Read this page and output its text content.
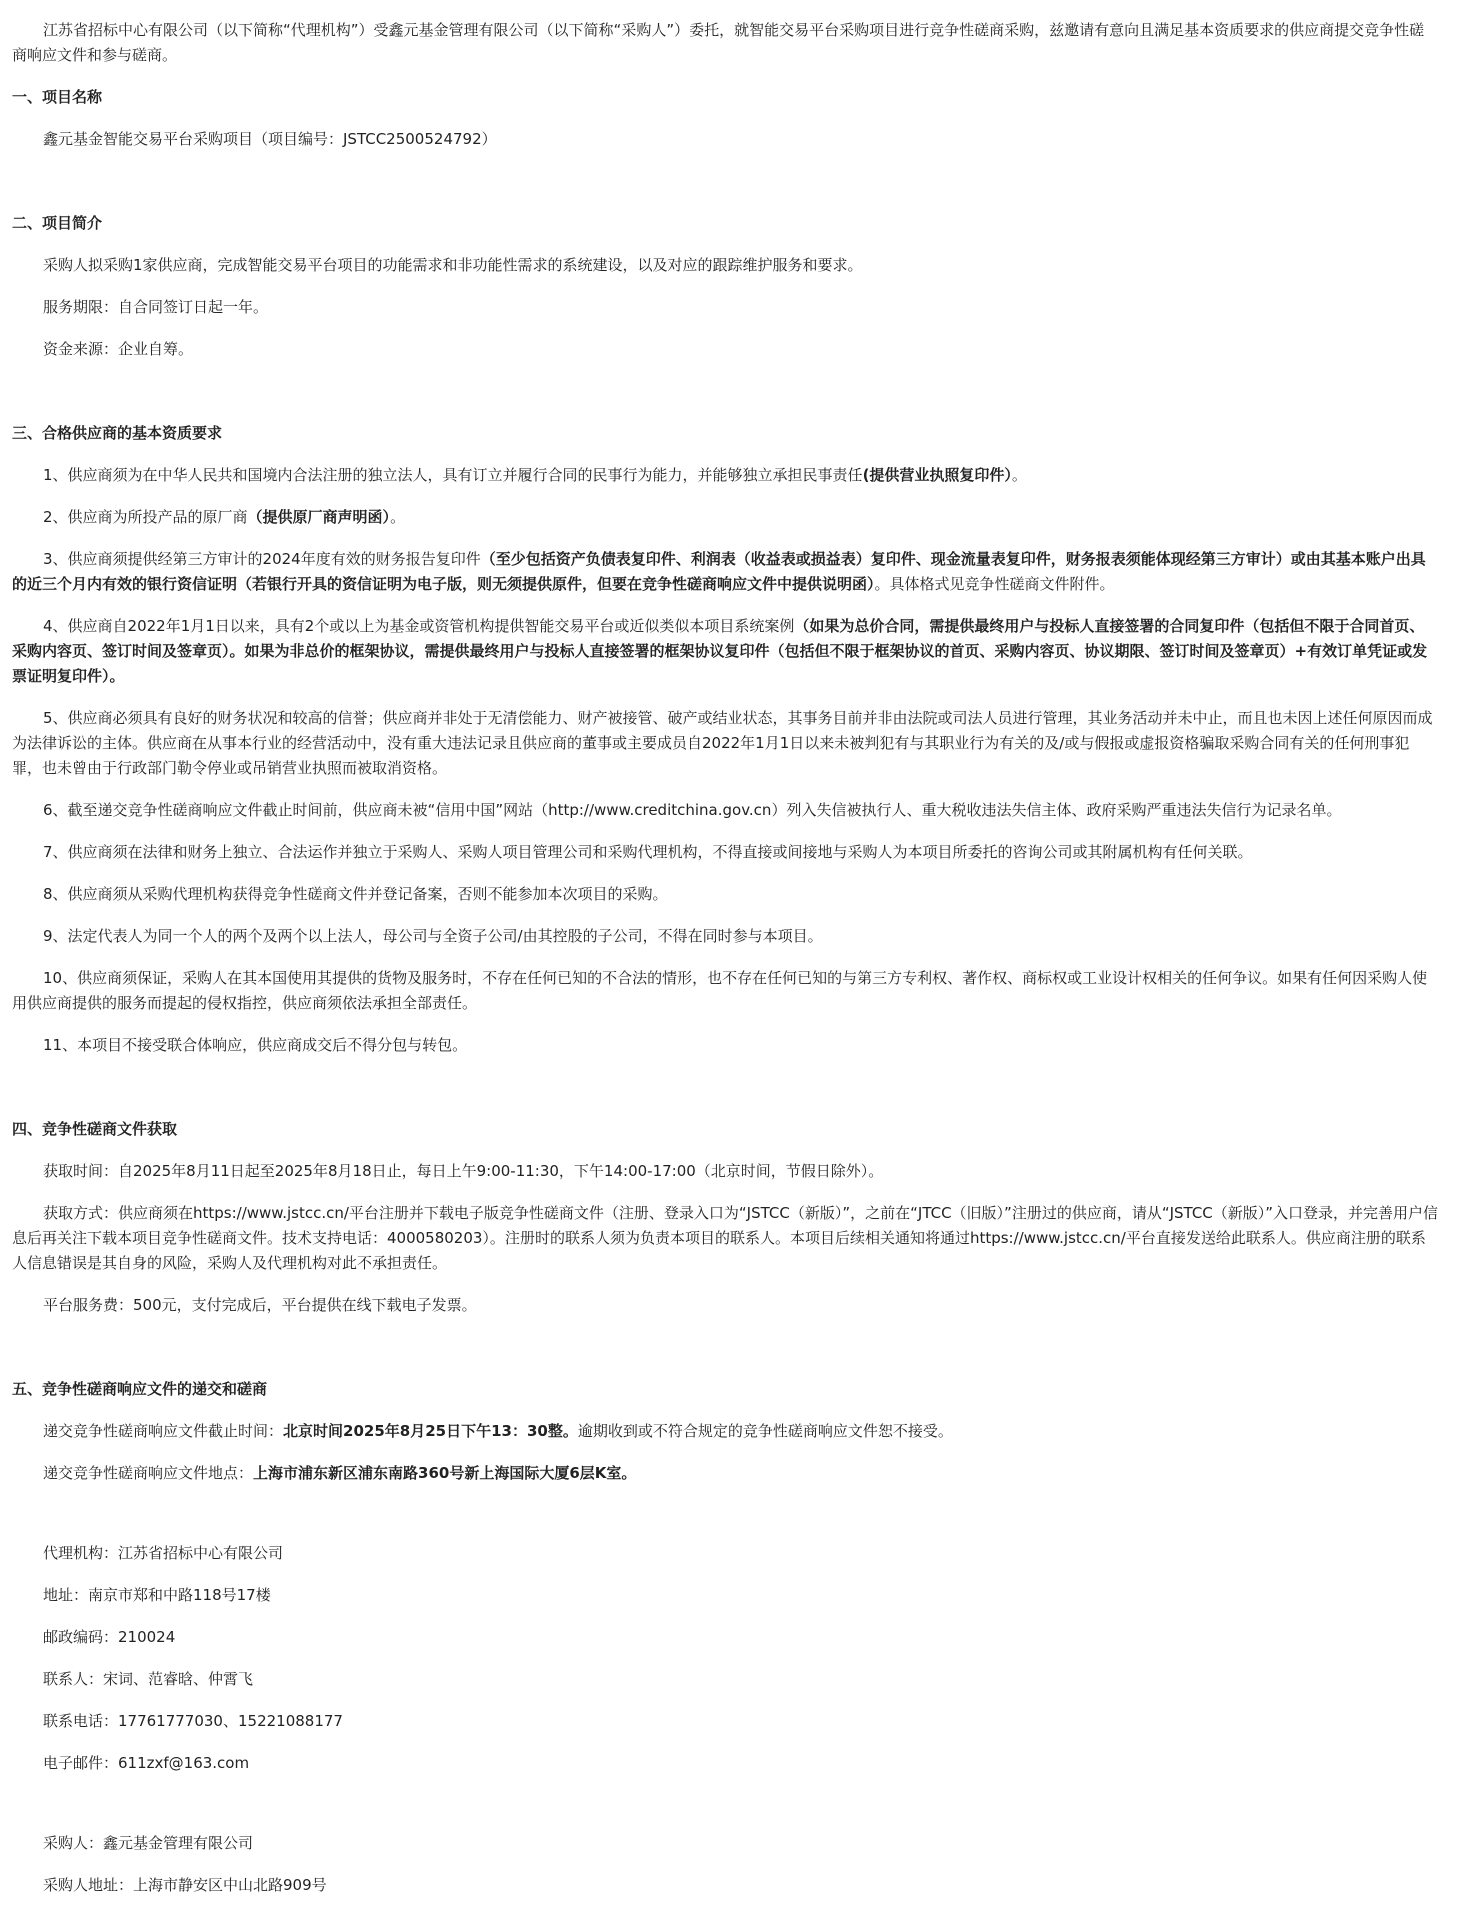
江苏省招标中心有限公司（以下简称“代理机构”）受鑫元基金管理有限公司（以下简称“采购人”）委托，就智能交易平台采购项目进行竞争性磋商采购，兹邀请有意向且满足基本资质要求的供应商提交竞争性磋商响应文件和参与磋商。

一、项目名称

鑫元基金智能交易平台采购项目（项目编号：JSTCC2500524792）

二、项目简介

采购人拟采购1家供应商，完成智能交易平台项目的功能需求和非功能性需求的系统建设，以及对应的跟踪维护服务和要求。

服务期限：自合同签订日起一年。

资金来源：企业自筹。

三、合格供应商的基本资质要求

1、供应商须为在中华人民共和国境内合法注册的独立法人，具有订立并履行合同的民事行为能力，并能够独立承担民事责任(提供营业执照复印件）。

2、供应商为所投产品的原厂商（提供原厂商声明函）。

3、供应商须提供经第三方审计的2024年度有效的财务报告复印件（至少包括资产负债表复印件、利润表（收益表或损益表）复印件、现金流量表复印件，财务报表须能体现经第三方审计）或由其基本账户出具的近三个月内有效的银行资信证明（若银行开具的资信证明为电子版，则无须提供原件，但要在竞争性磋商响应文件中提供说明函）。具体格式见竞争性磋商文件附件。

4、供应商自2022年1月1日以来，具有2个或以上为基金或资管机构提供智能交易平台或近似类似本项目系统案例（如果为总价合同，需提供最终用户与投标人直接签署的合同复印件（包括但不限于合同首页、采购内容页、签订时间及签章页）。如果为非总价的框架协议，需提供最终用户与投标人直接签署的框架协议复印件（包括但不限于框架协议的首页、采购内容页、协议期限、签订时间及签章页）+有效订单凭证或发票证明复印件）。

5、供应商必须具有良好的财务状况和较高的信誉；供应商并非处于无清偿能力、财产被接管、破产或结业状态，其事务目前并非由法院或司法人员进行管理，其业务活动并未中止，而且也未因上述任何原因而成为法律诉讼的主体。供应商在从事本行业的经营活动中，没有重大违法记录且供应商的董事或主要成员自2022年1月1日以来未被判犯有与其职业行为有关的及/或与假报或虚报资格骗取采购合同有关的任何刑事犯罪，也未曾由于行政部门勒令停业或吊销营业执照而被取消资格。

6、截至递交竞争性磋商响应文件截止时间前，供应商未被“信用中国”网站（http://www.creditchina.gov.cn）列入失信被执行人、重大税收违法失信主体、政府采购严重违法失信行为记录名单。

7、供应商须在法律和财务上独立、合法运作并独立于采购人、采购人项目管理公司和采购代理机构，不得直接或间接地与采购人为本项目所委托的咨询公司或其附属机构有任何关联。

8、供应商须从采购代理机构获得竞争性磋商文件并登记备案，否则不能参加本次项目的采购。

9、法定代表人为同一个人的两个及两个以上法人，母公司与全资子公司/由其控股的子公司，不得在同时参与本项目。

10、供应商须保证，采购人在其本国使用其提供的货物及服务时，不存在任何已知的不合法的情形，也不存在任何已知的与第三方专利权、著作权、商标权或工业设计权相关的任何争议。如果有任何因采购人使用供应商提供的服务而提起的侵权指控，供应商须依法承担全部责任。

11、本项目不接受联合体响应，供应商成交后不得分包与转包。

四、竞争性磋商文件获取

获取时间：自2025年8月11日起至2025年8月18日止，每日上午9:00-11:30，下午14:00-17:00（北京时间，节假日除外）。

获取方式：供应商须在https://www.jstcc.cn/平台注册并下载电子版竞争性磋商文件（注册、登录入口为“JSTCC（新版）”，之前在“JTCC（旧版）”注册过的供应商，请从“JSTCC（新版）”入口登录，并完善用户信息后再关注下载本项目竞争性磋商文件。技术支持电话：4000580203）。注册时的联系人须为负责本项目的联系人。本项目后续相关通知将通过https://www.jstcc.cn/平台直接发送给此联系人。供应商注册的联系人信息错误是其自身的风险，采购人及代理机构对此不承担责任。

平台服务费：500元，支付完成后，平台提供在线下载电子发票。

五、竞争性磋商响应文件的递交和磋商

递交竞争性磋商响应文件截止时间：北京时间2025年8月25日下午13：30整。逾期收到或不符合规定的竞争性磋商响应文件恕不接受。

递交竞争性磋商响应文件地点：上海市浦东新区浦东南路360号新上海国际大厦6层K室。

代理机构：江苏省招标中心有限公司

地址：南京市郑和中路118号17楼

邮政编码：210024

联系人：宋词、范睿晗、仲霄飞

联系电话：17761777030、15221088177

电子邮件：611zxf@163.com

采购人：鑫元基金管理有限公司

采购人地址：上海市静安区中山北路909号
